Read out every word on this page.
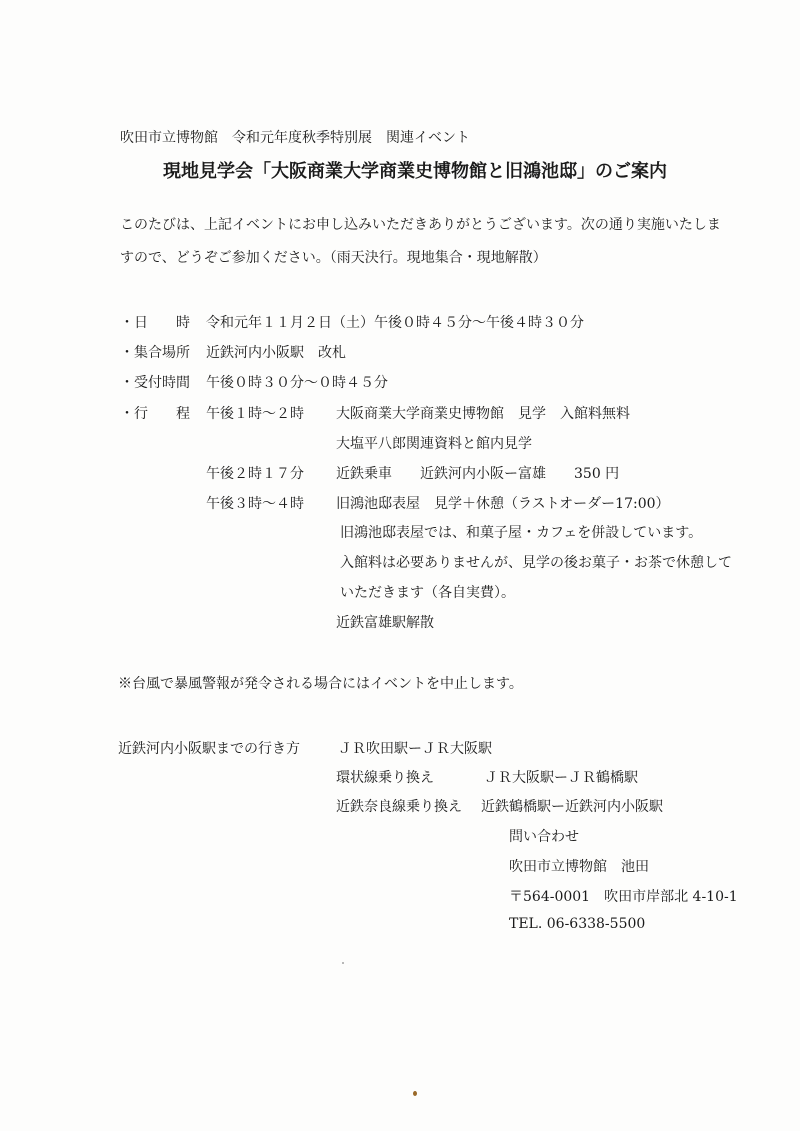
吹田市立博物館　令和元年度秋季特別展　関連イベント
現地見学会「大阪商業大学商業史博物館と旧鴻池邸」のご案内
このたびは、上記イベントにお申し込みいただきありがとうございます。次の通り実施いたしま
すので、どうぞご参加ください。（雨天決行。現地集合・現地解散）
・日　　時 令和元年１１月２日（土）午後０時４５分～午後４時３０分
・集合場所 近鉄河内小阪駅　改札
・受付時間 午後０時３０分～０時４５分
・行　　程 午後１時～２時 大阪商業大学商業史博物館　見学　入館料無料
大塩平八郎関連資料と館内見学
午後２時１７分 近鉄乗車　　近鉄河内小阪ー富雄　　350 円
午後３時～４時 旧鴻池邸表屋　見学＋休憩（ラストオーダー17:00）
旧鴻池邸表屋では、和菓子屋・カフェを併設しています。
入館料は必要ありませんが、見学の後お菓子・お茶で休憩して
いただきます（各自実費）。
近鉄富雄駅解散
※台風で暴風警報が発令される場合にはイベントを中止します。
近鉄河内小阪駅までの行き方	ＪＲ吹田駅ーＪＲ大阪駅
環状線乗り換え	ＪＲ大阪駅ーＪＲ鶴橋駅
近鉄奈良線乗り換え 近鉄鶴橋駅ー近鉄河内小阪駅
問い合わせ
吹田市立博物館　池田
〒564-0001　吹田市岸部北 4-10-1
TEL. 06-6338-5500
